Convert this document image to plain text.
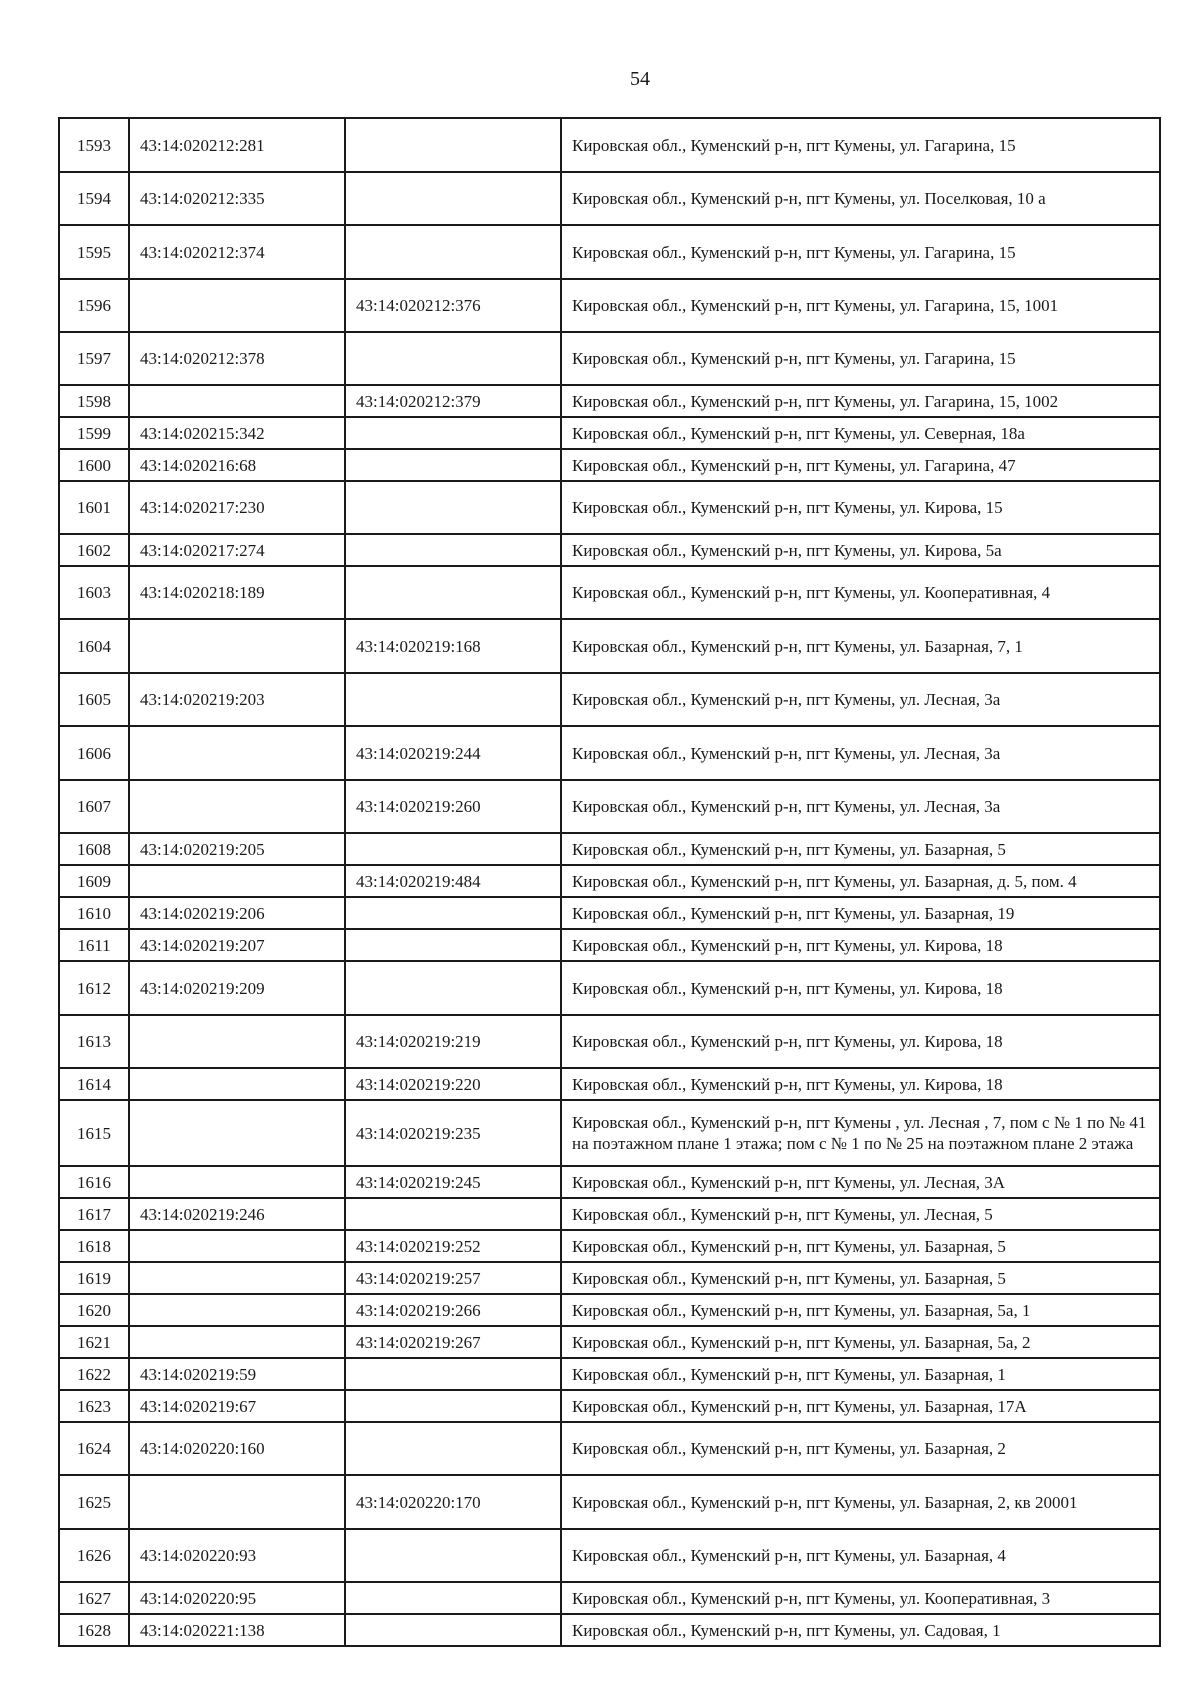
54
1593	43:14:020212:281		Кировская обл., Куменский р-н, пгт Кумены, ул. Гагарина, 15
1594	43:14:020212:335		Кировская обл., Куменский р-н, пгт Кумены, ул. Поселковая, 10 а
1595	43:14:020212:374		Кировская обл., Куменский р-н, пгт Кумены, ул. Гагарина, 15
1596		43:14:020212:376	Кировская обл., Куменский р-н, пгт Кумены, ул. Гагарина, 15, 1001
1597	43:14:020212:378		Кировская обл., Куменский р-н, пгт Кумены, ул. Гагарина, 15
1598		43:14:020212:379	Кировская обл., Куменский р-н, пгт Кумены, ул. Гагарина, 15, 1002
1599	43:14:020215:342		Кировская обл., Куменский р-н, пгт Кумены, ул. Северная, 18а
1600	43:14:020216:68		Кировская обл., Куменский р-н, пгт Кумены, ул. Гагарина, 47
1601	43:14:020217:230		Кировская обл., Куменский р-н, пгт Кумены, ул. Кирова, 15
1602	43:14:020217:274		Кировская обл., Куменский р-н, пгт Кумены, ул. Кирова, 5а
1603	43:14:020218:189		Кировская обл., Куменский р-н, пгт Кумены, ул. Кооперативная, 4
1604		43:14:020219:168	Кировская обл., Куменский р-н, пгт Кумены, ул. Базарная, 7, 1
1605	43:14:020219:203		Кировская обл., Куменский р-н, пгт Кумены, ул. Лесная, 3а
1606		43:14:020219:244	Кировская обл., Куменский р-н, пгт Кумены, ул. Лесная, 3а
1607		43:14:020219:260	Кировская обл., Куменский р-н, пгт Кумены, ул. Лесная, 3а
1608	43:14:020219:205		Кировская обл., Куменский р-н, пгт Кумены, ул. Базарная, 5
1609		43:14:020219:484	Кировская обл., Куменский р-н, пгт Кумены, ул. Базарная, д. 5, пом. 4
1610	43:14:020219:206		Кировская обл., Куменский р-н, пгт Кумены, ул. Базарная, 19
1611	43:14:020219:207		Кировская обл., Куменский р-н, пгт Кумены, ул. Кирова, 18
1612	43:14:020219:209		Кировская обл., Куменский р-н, пгт Кумены, ул. Кирова, 18
1613		43:14:020219:219	Кировская обл., Куменский р-н, пгт Кумены, ул. Кирова, 18
1614		43:14:020219:220	Кировская обл., Куменский р-н, пгт Кумены, ул. Кирова, 18
1615		43:14:020219:235	Кировская обл., Куменский р-н, пгт Кумены , ул. Лесная , 7, пом с № 1 по № 41 на поэтажном плане 1 этажа; пом с № 1 по № 25 на поэтажном плане 2 этажа
1616		43:14:020219:245	Кировская обл., Куменский р-н, пгт Кумены, ул. Лесная, 3А
1617	43:14:020219:246		Кировская обл., Куменский р-н, пгт Кумены, ул. Лесная, 5
1618		43:14:020219:252	Кировская обл., Куменский р-н, пгт Кумены, ул. Базарная, 5
1619		43:14:020219:257	Кировская обл., Куменский р-н, пгт Кумены, ул. Базарная, 5
1620		43:14:020219:266	Кировская обл., Куменский р-н, пгт Кумены, ул. Базарная, 5а, 1
1621		43:14:020219:267	Кировская обл., Куменский р-н, пгт Кумены, ул. Базарная, 5а, 2
1622	43:14:020219:59		Кировская обл., Куменский р-н, пгт Кумены, ул. Базарная, 1
1623	43:14:020219:67		Кировская обл., Куменский р-н, пгт Кумены, ул. Базарная, 17А
1624	43:14:020220:160		Кировская обл., Куменский р-н, пгт Кумены, ул. Базарная, 2
1625		43:14:020220:170	Кировская обл., Куменский р-н, пгт Кумены, ул. Базарная, 2, кв 20001
1626	43:14:020220:93		Кировская обл., Куменский р-н, пгт Кумены, ул. Базарная, 4
1627	43:14:020220:95		Кировская обл., Куменский р-н, пгт Кумены, ул. Кооперативная, 3
1628	43:14:020221:138		Кировская обл., Куменский р-н, пгт Кумены, ул. Садовая, 1
